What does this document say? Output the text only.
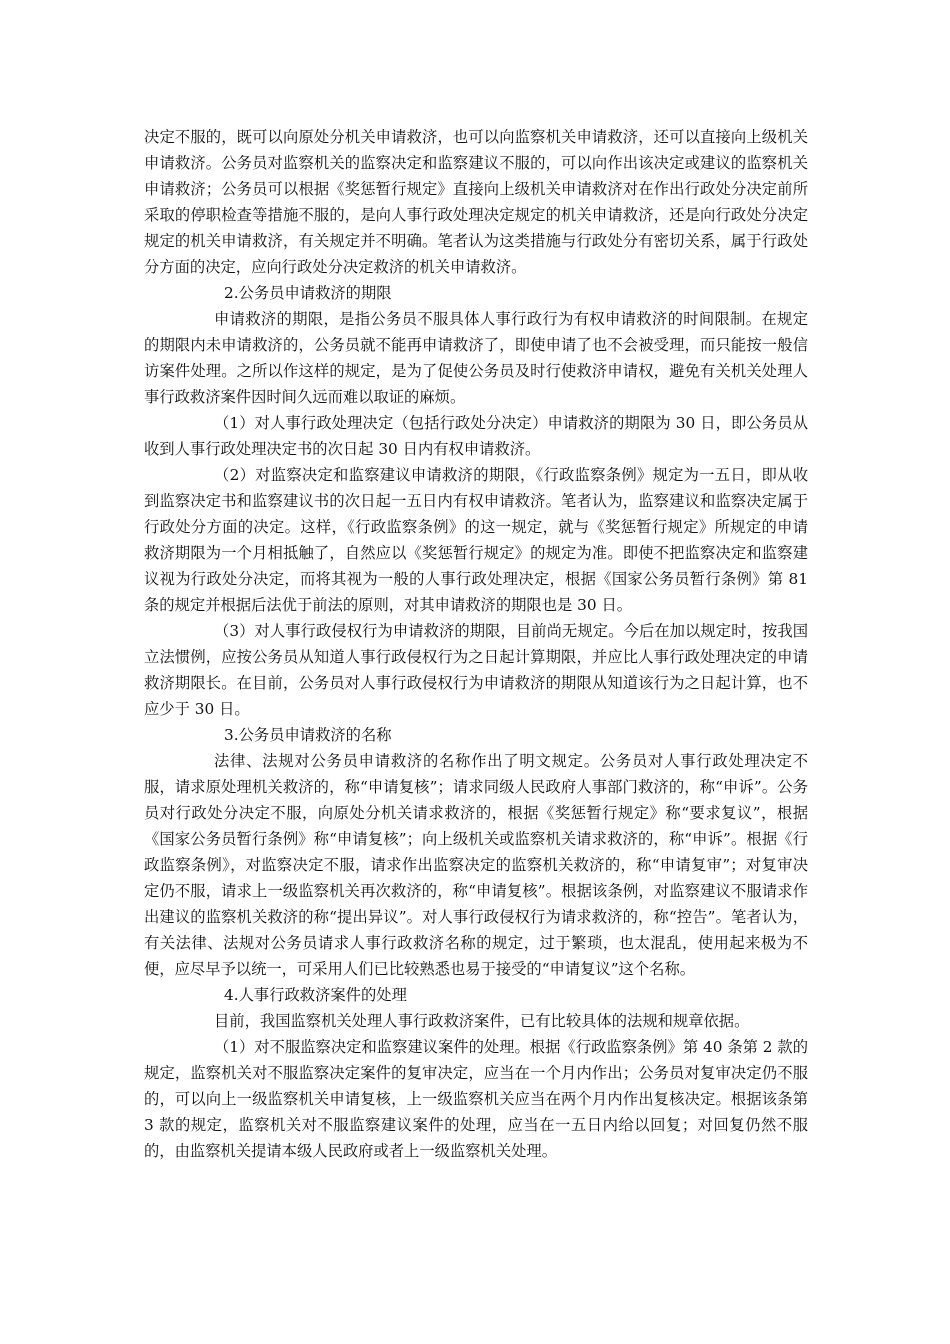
决定不服的，既可以向原处分机关申请救济，也可以向监察机关申请救济，还可以直接向上级机关申请救济。公务员对监察机关的监察决定和监察建议不服的，可以向作出该决定或建议的监察机关申请救济；公务员可以根据《奖惩暂行规定》直接向上级机关申请救济对在作出行政处分决定前所采取的停职检查等措施不服的，是向人事行政处理决定规定的机关申请救济，还是向行政处分决定规定的机关申请救济，有关规定并不明确。笔者认为这类措施与行政处分有密切关系，属于行政处分方面的决定，应向行政处分决定救济的机关申请救济。

2.公务员申请救济的期限

申请救济的期限，是指公务员不服具体人事行政行为有权申请救济的时间限制。在规定的期限内未申请救济的，公务员就不能再申请救济了，即使申请了也不会被受理，而只能按一般信访案件处理。之所以作这样的规定，是为了促使公务员及时行使救济申请权，避免有关机关处理人事行政救济案件因时间久远而难以取证的麻烦。

（1）对人事行政处理决定（包括行政处分决定）申请救济的期限为 30 日，即公务员从收到人事行政处理决定书的次日起 30 日内有权申请救济。

（2）对监察决定和监察建议申请救济的期限，《行政监察条例》规定为一五日，即从收到监察决定书和监察建议书的次日起一五日内有权申请救济。笔者认为，监察建议和监察决定属于行政处分方面的决定。这样，《行政监察条例》的这一规定，就与《奖惩暂行规定》所规定的申请救济期限为一个月相抵触了，自然应以《奖惩暂行规定》的规定为准。即使不把监察决定和监察建议视为行政处分决定，而将其视为一般的人事行政处理决定，根据《国家公务员暂行条例》第 81 条的规定并根据后法优于前法的原则，对其申请救济的期限也是 30 日。

（3）对人事行政侵权行为申请救济的期限，目前尚无规定。今后在加以规定时，按我国立法惯例，应按公务员从知道人事行政侵权行为之日起计算期限，并应比人事行政处理决定的申请救济期限长。在目前，公务员对人事行政侵权行为申请救济的期限从知道该行为之日起计算，也不应少于 30 日。

3.公务员申请救济的名称

法律、法规对公务员申请救济的名称作出了明文规定。公务员对人事行政处理决定不服，请求原处理机关救济的，称“申请复核”；请求同级人民政府人事部门救济的，称“申诉”。公务员对行政处分决定不服，向原处分机关请求救济的，根据《奖惩暂行规定》称“要求复议”，根据《国家公务员暂行条例》称“申请复核”；向上级机关或监察机关请求救济的，称“申诉”。根据《行政监察条例》，对监察决定不服，请求作出监察决定的监察机关救济的，称“申请复审”；对复审决定仍不服，请求上一级监察机关再次救济的，称“申请复核”。根据该条例，对监察建议不服请求作出建议的监察机关救济的称“提出异议”。对人事行政侵权行为请求救济的，称“控告”。笔者认为，有关法律、法规对公务员请求人事行政救济名称的规定，过于繁琐，也太混乱，使用起来极为不便，应尽早予以统一，可采用人们已比较熟悉也易于接受的“申请复议”这个名称。

4.人事行政救济案件的处理

目前，我国监察机关处理人事行政救济案件，已有比较具体的法规和规章依据。

（1）对不服监察决定和监察建议案件的处理。根据《行政监察条例》第 40 条第 2 款的规定，监察机关对不服监察决定案件的复审决定，应当在一个月内作出；公务员对复审决定仍不服的，可以向上一级监察机关申请复核，上一级监察机关应当在两个月内作出复核决定。根据该条第 3 款的规定，监察机关对不服监察建议案件的处理，应当在一五日内给以回复；对回复仍然不服的，由监察机关提请本级人民政府或者上一级监察机关处理。
